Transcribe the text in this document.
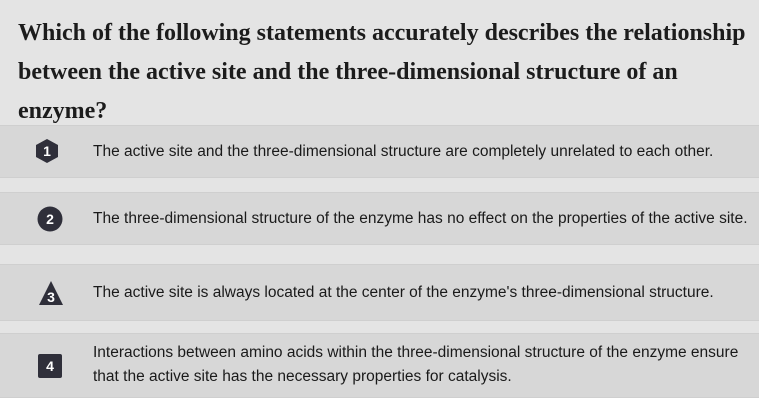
Which of the following statements accurately describes the relationship between the active site and the three-dimensional structure of an enzyme?

1	The active site and the three-dimensional structure are completely unrelated to each other.
2	The three-dimensional structure of the enzyme has no effect on the properties of the active site.
3 The active site is always located at the center of the enzyme's three-dimensional structure.
4
Interactions between amino acids within the three-dimensional structure of the enzyme ensure that the active site has the necessary properties for catalysis.
